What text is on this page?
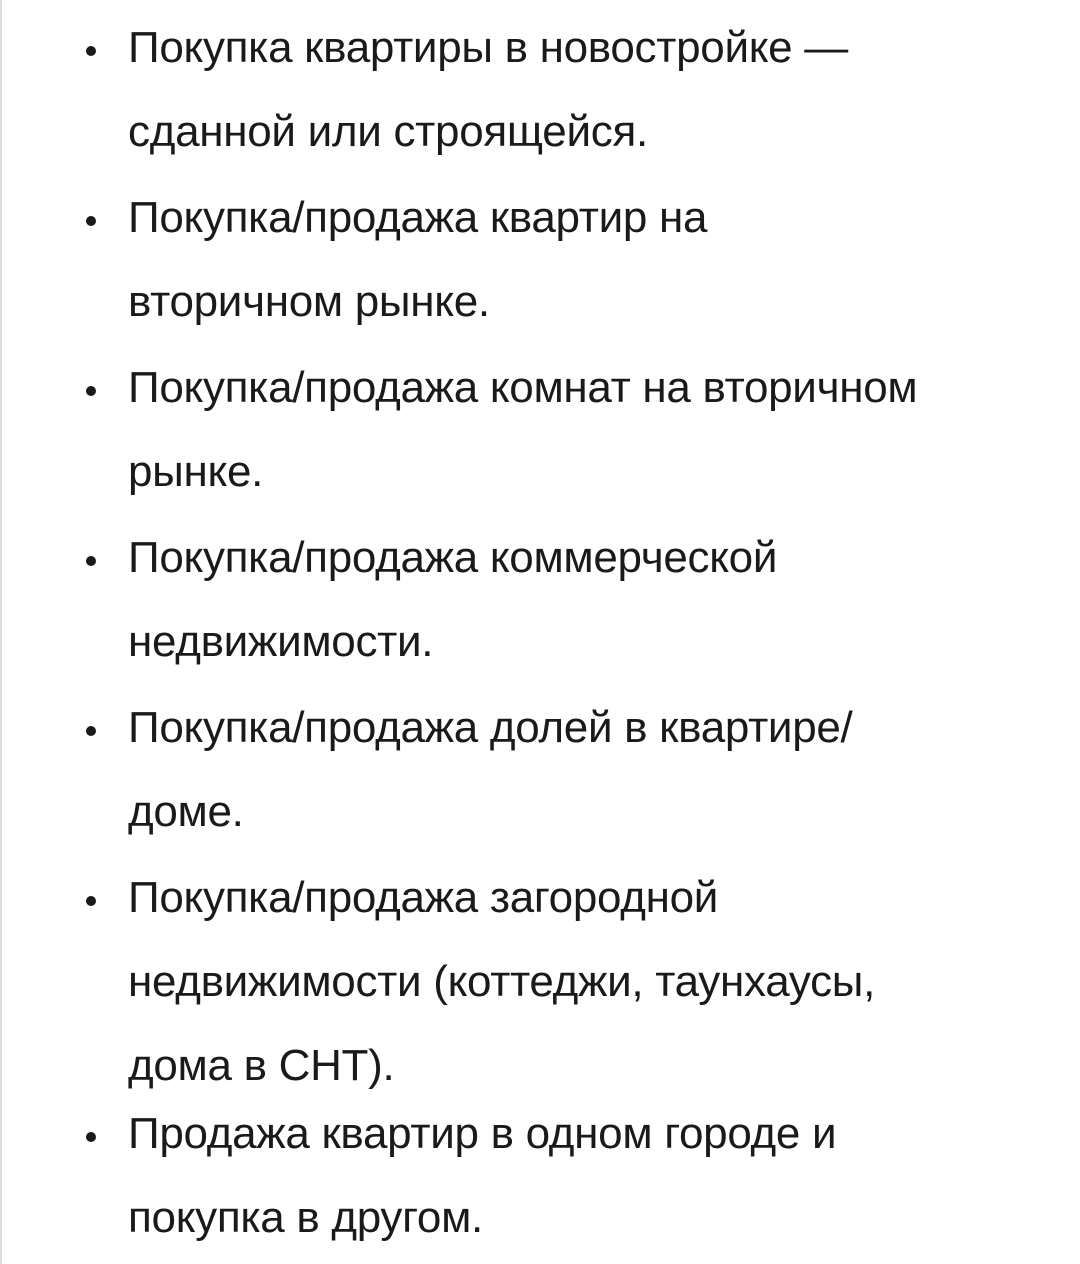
Покупка квартиры в новостройке —
сданной или строящейся.
Покупка/продажа квартир на
вторичном рынке.
Покупка/продажа комнат на вторичном
рынке.
Покупка/продажа коммерческой
недвижимости.
Покупка/продажа долей в квартире/
доме.
Покупка/продажа загородной
недвижимости (коттеджи, таунхаусы,
дома в СНТ).
Продажа квартир в одном городе и
покупка в другом.
